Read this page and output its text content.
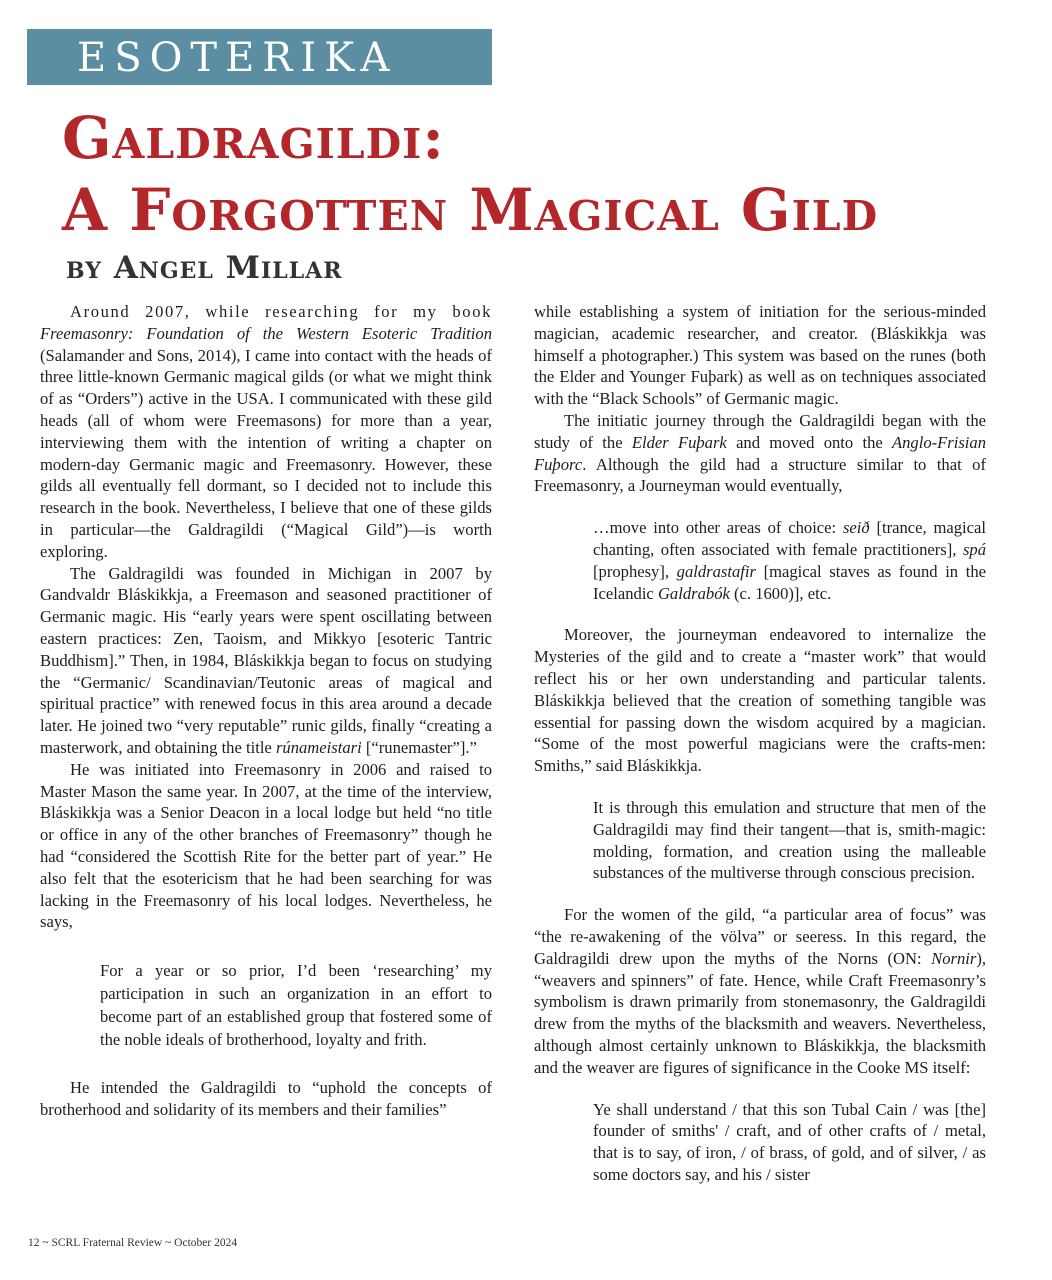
ESOTERIKA
Galdragildi:
A Forgotten Magical Gild
by Angel Millar

Around 2007, while researching for my book Freemasonry: Foundation of the Western Esoteric Tradition (Salamander and Sons, 2014), I came into contact with the heads of three little-known Germanic magical gilds (or what we might think of as “Orders”) active in the USA. I communicated with these gild heads (all of whom were Freemasons) for more than a year, interviewing them with the intention of writing a chapter on modern-day Germanic magic and Freemasonry. However, these gilds all eventually fell dormant, so I decided not to include this research in the book. Nevertheless, I believe that one of these gilds in particular—the Galdragildi (“Magical Gild”)—is worth exploring.

The Galdragildi was founded in Michigan in 2007 by Gandvaldr Bláskikkja, a Freemason and seasoned practitioner of Germanic magic. His “early years were spent oscillating between eastern practices: Zen, Taoism, and Mikkyo [esoteric Tantric Buddhism].” Then, in 1984, Bláskikkja began to focus on studying the “Germanic/ Scandinavian/Teutonic areas of magical and spiritual practice” with renewed focus in this area around a decade later. He joined two “very reputable” runic gilds, finally “creating a masterwork, and obtaining the title rúnameistari [“runemaster”].”

He was initiated into Freemasonry in 2006 and raised to Master Mason the same year. In 2007, at the time of the interview, Bláskikkja was a Senior Deacon in a local lodge but held “no title or office in any of the other branches of Freemasonry” though he had “considered the Scottish Rite for the better part of year.” He also felt that the esotericism that he had been searching for was lacking in the Freemasonry of his local lodges. Nevertheless, he says,

For a year or so prior, I’d been ‘researching’ my participation in such an organization in an effort to become part of an established group that fostered some of the noble ideals of brotherhood, loyalty and frith.

He intended the Galdragildi to “uphold the concepts of brotherhood and solidarity of its members and their families”

while establishing a system of initiation for the serious-minded magician, academic researcher, and creator. (Bláskikkja was himself a photographer.) This system was based on the runes (both the Elder and Younger Fuþark) as well as on techniques associated with the “Black Schools” of Germanic magic.

The initiatic journey through the Galdragildi began with the study of the Elder Fuþark and moved onto the Anglo-Frisian Fuþorc. Although the gild had a structure similar to that of Freemasonry, a Journeyman would eventually,

…move into other areas of choice: seið [trance, magical chanting, often associated with female practitioners], spá [prophesy], galdrastafir [magical staves as found in the Icelandic Galdrabók (c. 1600)], etc.

Moreover, the journeyman endeavored to internalize the Mysteries of the gild and to create a “master work” that would reflect his or her own understanding and particular talents. Bláskikkja believed that the creation of something tangible was essential for passing down the wisdom acquired by a magician. “Some of the most powerful magicians were the crafts-men: Smiths,” said Bláskikkja.

It is through this emulation and structure that men of the Galdragildi may find their tangent—that is, smith-magic: molding, formation, and creation using the malleable substances of the multiverse through conscious precision.

For the women of the gild, “a particular area of focus” was “the re-awakening of the völva” or seeress. In this regard, the Galdragildi drew upon the myths of the Norns (ON: Nornir), “weavers and spinners” of fate. Hence, while Craft Freemasonry’s symbolism is drawn primarily from stonemasonry, the Galdragildi drew from the myths of the blacksmith and weavers. Nevertheless, although almost certainly unknown to Bláskikkja, the blacksmith and the weaver are figures of significance in the Cooke MS itself:

Ye shall understand / that this son Tubal Cain / was [the] founder of smiths' / craft, and of other crafts of / metal, that is to say, of iron, / of brass, of gold, and of silver, / as some doctors say, and his / sister
12 ~ SCRL Fraternal Review ~ October 2024
